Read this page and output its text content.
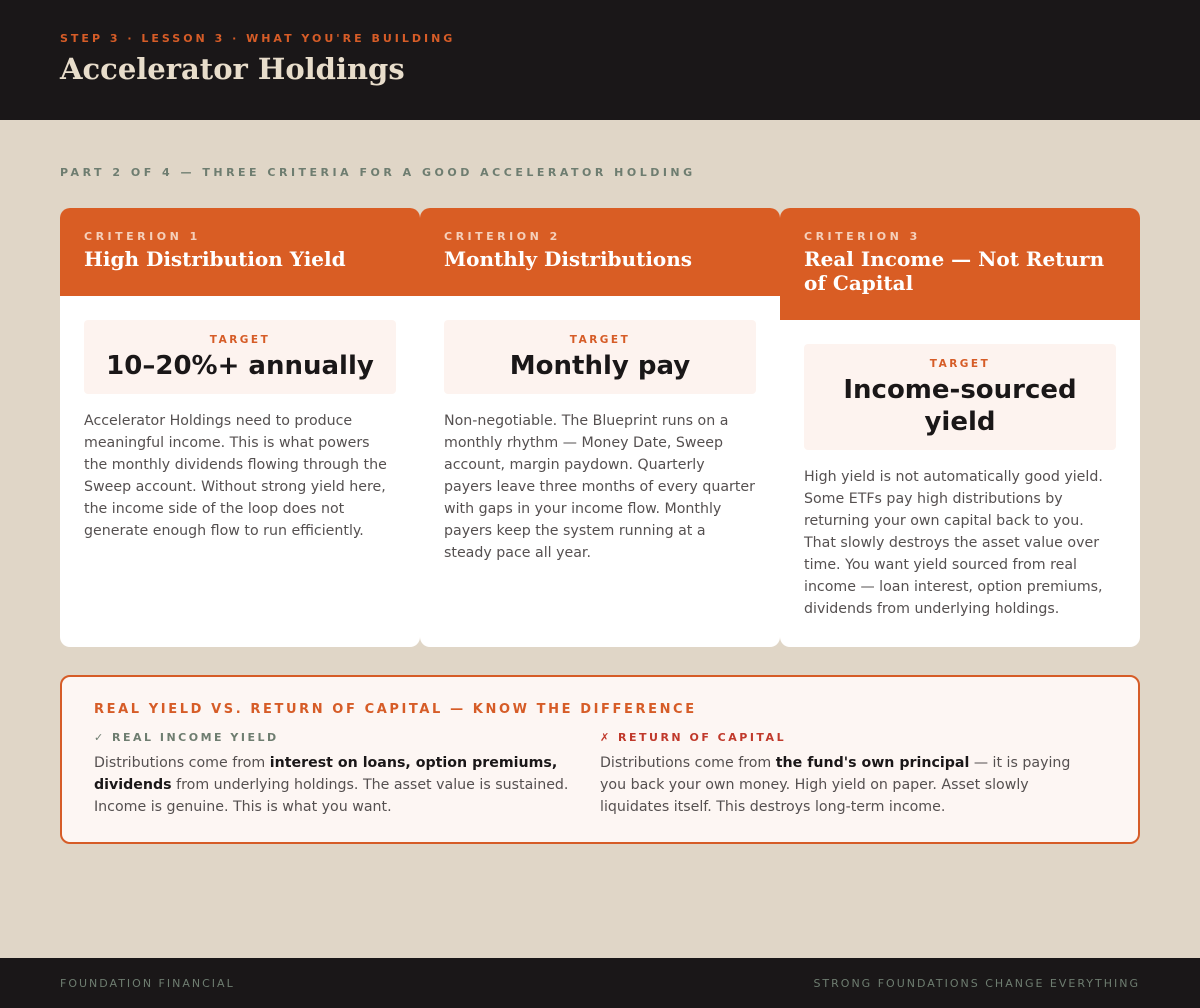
STEP 3 · LESSON 3 · WHAT YOU'RE BUILDING
Accelerator Holdings
PART 2 OF 4 — THREE CRITERIA FOR A GOOD ACCELERATOR HOLDING
CRITERION 1
High Distribution Yield
TARGET
10–20%+ annually
Accelerator Holdings need to produce meaningful income. This is what powers the monthly dividends flowing through the Sweep account. Without strong yield here, the income side of the loop does not generate enough flow to run efficiently.
CRITERION 2
Monthly Distributions
TARGET
Monthly pay
Non-negotiable. The Blueprint runs on a monthly rhythm — Money Date, Sweep account, margin paydown. Quarterly payers leave three months of every quarter with gaps in your income flow. Monthly payers keep the system running at a steady pace all year.
CRITERION 3
Real Income — Not Return of Capital
TARGET
Income-sourced yield
High yield is not automatically good yield. Some ETFs pay high distributions by returning your own capital back to you. That slowly destroys the asset value over time. You want yield sourced from real income — loan interest, option premiums, dividends from underlying holdings.
REAL YIELD VS. RETURN OF CAPITAL — KNOW THE DIFFERENCE
✓ REAL INCOME YIELD
Distributions come from interest on loans, option premiums, dividends from underlying holdings. The asset value is sustained. Income is genuine. This is what you want.
✗ RETURN OF CAPITAL
Distributions come from the fund's own principal — it is paying you back your own money. High yield on paper. Asset slowly liquidates itself. This destroys long-term income.
FOUNDATION FINANCIAL	STRONG FOUNDATIONS CHANGE EVERYTHING
